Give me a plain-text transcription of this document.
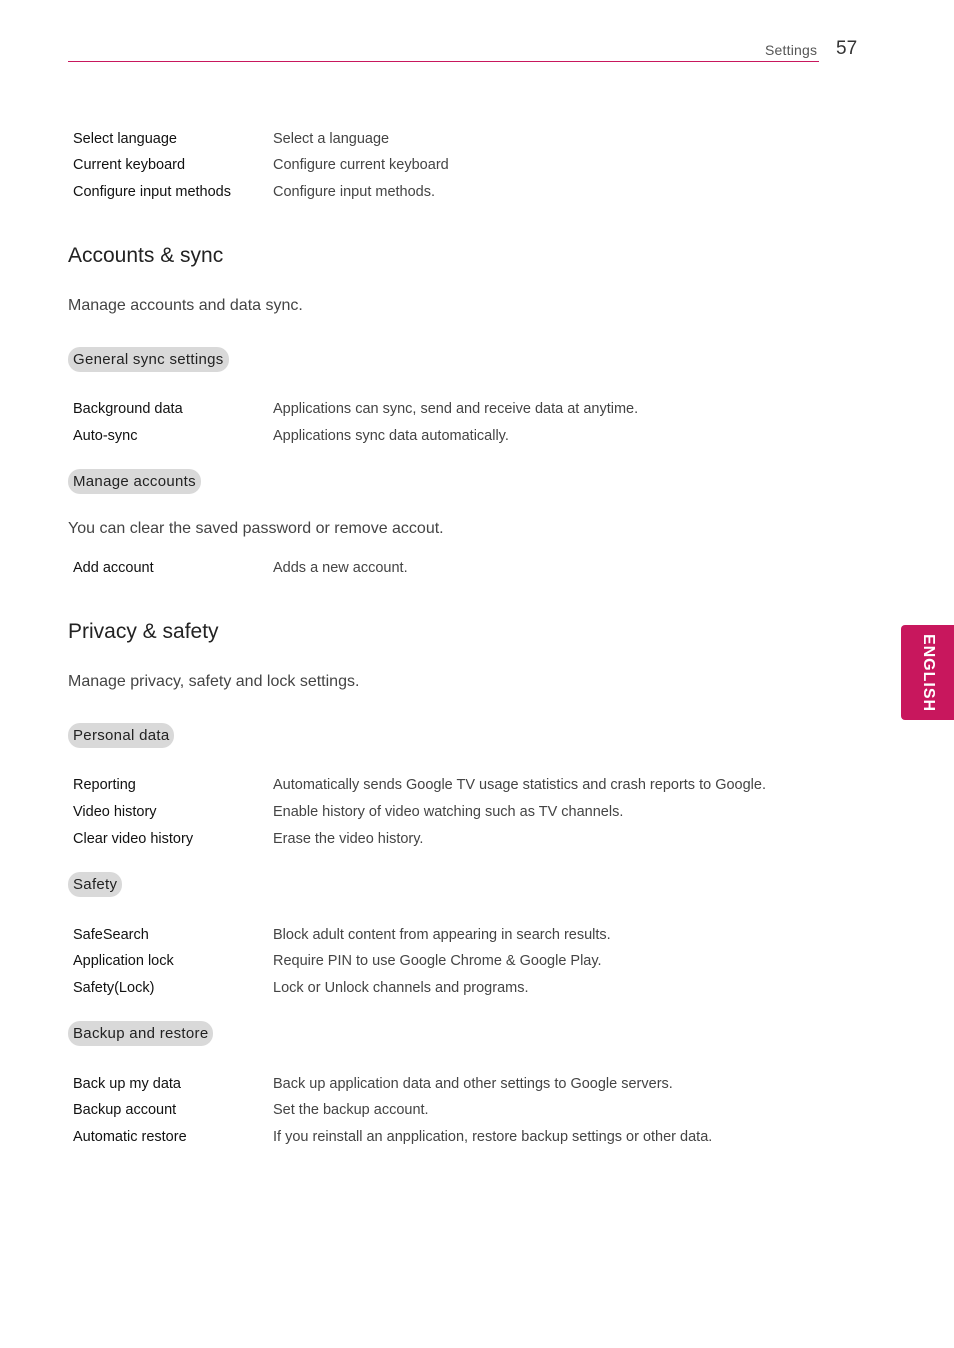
Settings 57
ENGLISH
Select language	Select a language
Current keyboard	Configure current keyboard
Configure input methods	Configure input methods.
Accounts & sync
Manage accounts and data sync.
General sync settings
Background data	Applications can sync, send and receive data at anytime.
Auto-sync	Applications sync data automatically.
Manage accounts
You can clear the saved password or remove accout.
Add account	Adds a new account.
Privacy & safety
Manage privacy, safety and lock settings.
Personal data
Reporting	Automatically sends Google TV usage statistics and crash reports to Google.
Video history	Enable history of video watching such as TV channels.
Clear video history	Erase the video history.
Safety
SafeSearch	Block adult content from appearing in search results.
Application lock	Require PIN to use Google Chrome & Google Play.
Safety(Lock)	Lock or Unlock channels and programs.
Backup and restore
Back up my data	Back up application data and other settings to Google servers.
Backup account	Set the backup account.
Automatic restore	If you reinstall an anpplication, restore backup settings or other data.
